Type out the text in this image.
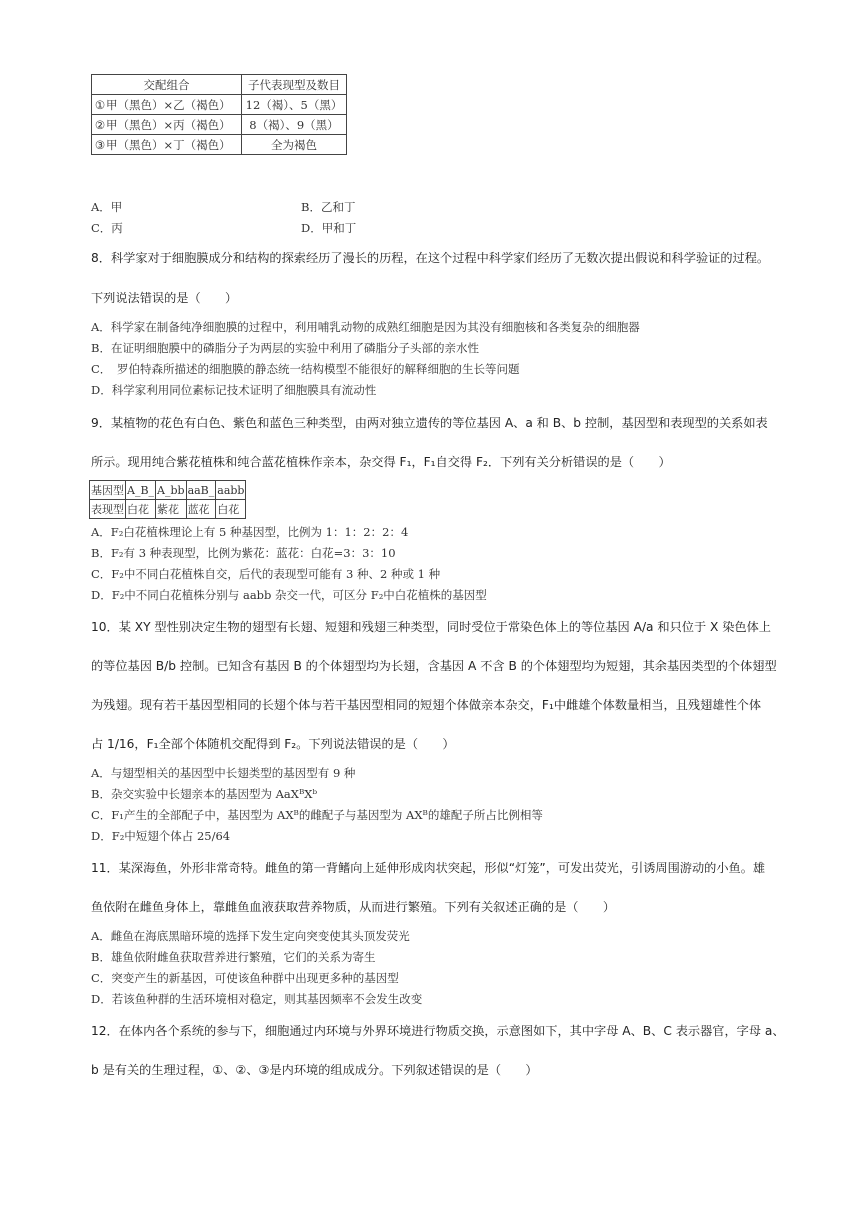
交配组合	子代表现型及数目
①甲（黑色）×乙（褐色）	12（褐）、5（黑）
②甲（黑色）×丙（褐色）	8（褐）、9（黑）
③甲（黑色）×丁（褐色）	全为褐色
A．甲	B．乙和丁
C．丙	D．甲和丁
8．科学家对于细胞膜成分和结构的探索经历了漫长的历程，在这个过程中科学家们经历了无数次提出假说和科学验证的过程。
下列说法错误的是（　　）
A．科学家在制备纯净细胞膜的过程中，利用哺乳动物的成熟红细胞是因为其没有细胞核和各类复杂的细胞器
B．在证明细胞膜中的磷脂分子为两层的实验中利用了磷脂分子头部的亲水性
C．　罗伯特森所描述的细胞膜的静态统一结构模型不能很好的解释细胞的生长等问题
D．科学家利用同位素标记技术证明了细胞膜具有流动性
9．某植物的花色有白色、紫色和蓝色三种类型，由两对独立遗传的等位基因 A、a 和 B、b 控制，基因型和表现型的关系如表
所示。现用纯合紫花植株和纯合蓝花植株作亲本，杂交得 F₁，F₁自交得 F₂．下列有关分析错误的是（　　）
基因型	A_B_	A_bb	aaB_	aabb
表现型	白花	紫花	蓝花	白花
A．F₂白花植株理论上有 5 种基因型，比例为 1：1：2：2：4
B．F₂有 3 种表现型，比例为紫花：蓝花：白花=3：3：10
C．F₂中不同白花植株自交，后代的表现型可能有 3 种、2 种或 1 种
D．F₂中不同白花植株分别与 aabb 杂交一代，可区分 F₂中白花植株的基因型
10．某 XY 型性别决定生物的翅型有长翅、短翅和残翅三种类型，同时受位于常染色体上的等位基因 A/a 和只位于 X 染色体上
的等位基因 B/b 控制。已知含有基因 B 的个体翅型均为长翅，含基因 A 不含 B 的个体翅型均为短翅，其余基因类型的个体翅型
为残翅。现有若干基因型相同的长翅个体与若干基因型相同的短翅个体做亲本杂交，F₁中雌雄个体数量相当，且残翅雄性个体
占 1/16，F₁全部个体随机交配得到 F₂。下列说法错误的是（　　）
A．与翅型相关的基因型中长翅类型的基因型有 9 种
B．杂交实验中长翅亲本的基因型为 AaXᴮXᵇ
C．F₁产生的全部配子中，基因型为 AXᴮ的雌配子与基因型为 AXᴮ的雄配子所占比例相等
D．F₂中短翅个体占 25/64
11．某深海鱼，外形非常奇特。雌鱼的第一背鳍向上延伸形成肉状突起，形似“灯笼”，可发出荧光，引诱周围游动的小鱼。雄
鱼依附在雌鱼身体上，靠雌鱼血液获取营养物质，从而进行繁殖。下列有关叙述正确的是（　　）
A．雌鱼在海底黑暗环境的选择下发生定向突变使其头顶发荧光
B．雄鱼依附雌鱼获取营养进行繁殖，它们的关系为寄生
C．突变产生的新基因，可使该鱼种群中出现更多种的基因型
D．若该鱼种群的生活环境相对稳定，则其基因频率不会发生改变
12．在体内各个系统的参与下，细胞通过内环境与外界环境进行物质交换，示意图如下，其中字母 A、B、C 表示器官，字母 a、
b 是有关的生理过程，①、②、③是内环境的组成成分。下列叙述错误的是（　　）
